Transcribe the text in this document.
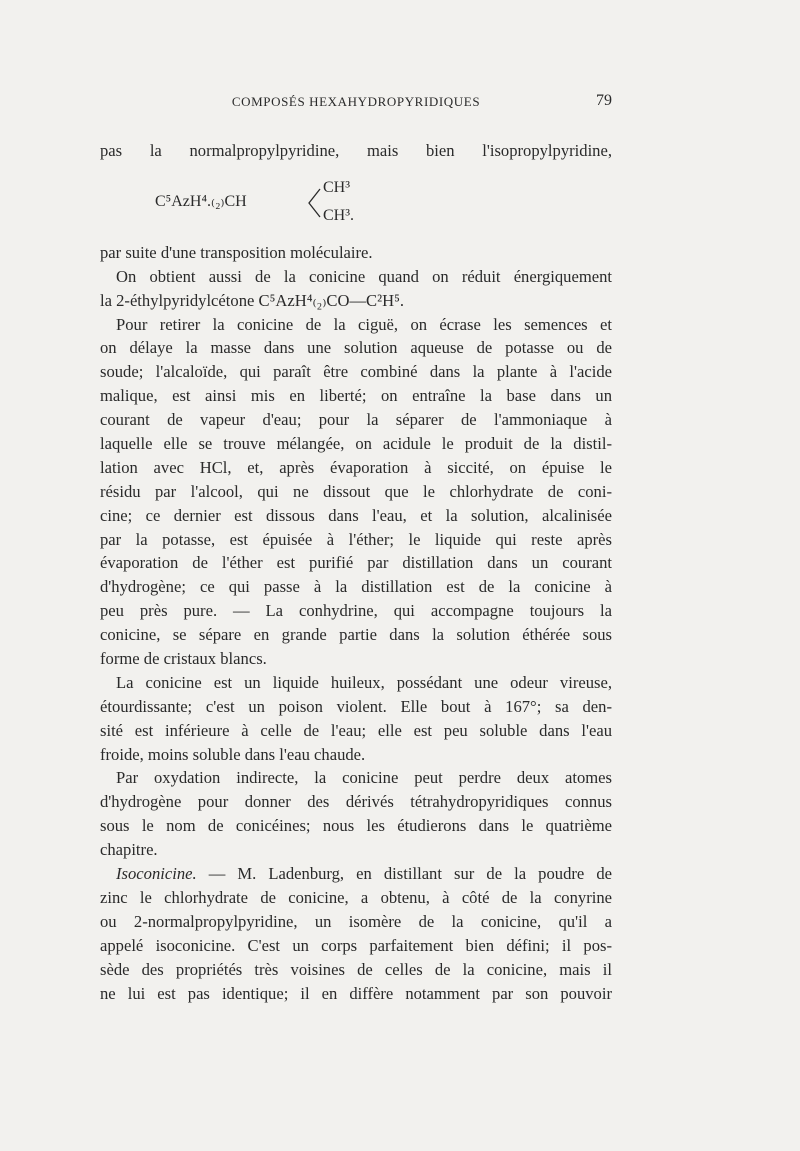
COMPOSÉS HEXAHYDROPYRIDIQUES	79
pas la normalpropylpyridine, mais bien l'isopropylpyridine,
C⁵AzH⁴.₍₂₎CH
CH³
CH³.
par suite d'une transposition moléculaire.
On obtient aussi de la conicine quand on réduit énergiquement
la 2-éthylpyridylcétone C⁵AzH⁴₍₂₎CO—C²H⁵.
Pour retirer la conicine de la ciguë, on écrase les semences et
on délaye la masse dans une solution aqueuse de potasse ou de
soude; l'alcaloïde, qui paraît être combiné dans la plante à l'acide
malique, est ainsi mis en liberté; on entraîne la base dans un
courant de vapeur d'eau; pour la séparer de l'ammoniaque à
laquelle elle se trouve mélangée, on acidule le produit de la distil-
lation avec HCl, et, après évaporation à siccité, on épuise le
résidu par l'alcool, qui ne dissout que le chlorhydrate de coni-
cine; ce dernier est dissous dans l'eau, et la solution, alcalinisée
par la potasse, est épuisée à l'éther; le liquide qui reste après
évaporation de l'éther est purifié par distillation dans un courant
d'hydrogène; ce qui passe à la distillation est de la conicine à
peu près pure. — La conhydrine, qui accompagne toujours la
conicine, se sépare en grande partie dans la solution éthérée sous
forme de cristaux blancs.
La conicine est un liquide huileux, possédant une odeur vireuse,
étourdissante; c'est un poison violent. Elle bout à 167°; sa den-
sité est inférieure à celle de l'eau; elle est peu soluble dans l'eau
froide, moins soluble dans l'eau chaude.
Par oxydation indirecte, la conicine peut perdre deux atomes
d'hydrogène pour donner des dérivés tétrahydropyridiques connus
sous le nom de conicéines; nous les étudierons dans le quatrième
chapitre.
Isoconicine. — M. Ladenburg, en distillant sur de la poudre de
zinc le chlorhydrate de conicine, a obtenu, à côté de la conyrine
ou 2-normalpropylpyridine, un isomère de la conicine, qu'il a
appelé isoconicine. C'est un corps parfaitement bien défini; il pos-
sède des propriétés très voisines de celles de la conicine, mais il
ne lui est pas identique; il en diffère notamment par son pouvoir
